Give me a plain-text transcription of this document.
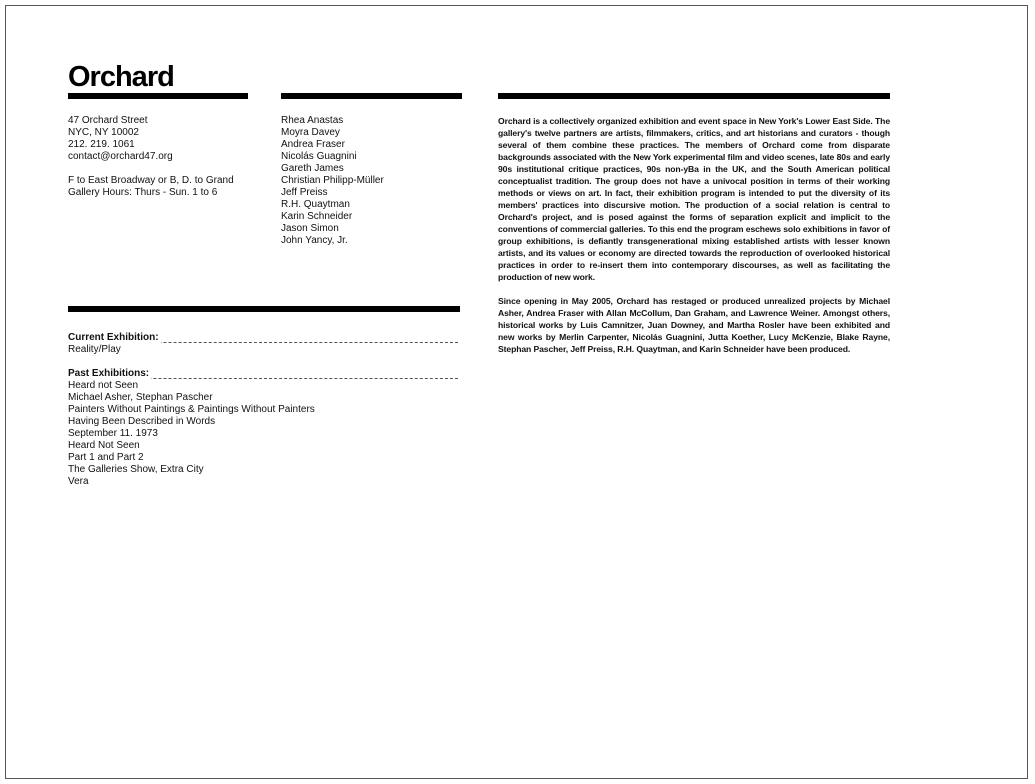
Orchard
47 Orchard Street
NYC, NY 10002
212. 219. 1061
contact@orchard47.org
F to East Broadway or B, D. to Grand
Gallery Hours: Thurs - Sun. 1 to 6
Rhea Anastas
Moyra Davey
Andrea Fraser
Nicolás Guagnini
Gareth James
Christian Philipp-Müller
Jeff Preiss
R.H. Quaytman
Karin Schneider
Jason Simon
John Yancy, Jr.

Orchard is a collectively organized exhibition and event space in New York's Lower East Side. The gallery's twelve partners are artists, filmmakers, critics, and art historians and curators - though several of them combine these practices. The members of Orchard come from disparate backgrounds associated with the New York experimental film and video scenes, late 80s and early 90s institutional critique practices, 90s non-yBa in the UK, and the South American political conceptualist tradition. The group does not have a univocal position in terms of their working methods or views on art. In fact, their exhibition program is intended to put the diversity of its members' practices into discursive motion. The production of a social relation is central to Orchard's project, and is posed against the forms of separation explicit and implicit to the conventions of commercial galleries. To this end the program eschews solo exhibitions in favor of group exhibitions, is defiantly transgenerational mixing established artists with lesser known artists, and its values or economy are directed towards the reproduction of overlooked historical practices in order to re-insert them into contemporary discourses, as well as facilitating the production of new work.

Since opening in May 2005, Orchard has restaged or produced unrealized projects by Michael Asher, Andrea Fraser with Allan McCollum, Dan Graham, and Lawrence Weiner. Amongst others, historical works by Luis Camnitzer, Juan Downey, and Martha Rosler have been exhibited and new works by Merlin Carpenter, Nicolás Guagnini, Jutta Koether, Lucy McKenzie, Blake Rayne, Stephan Pascher, Jeff Preiss, R.H. Quaytman, and Karin Schneider have been produced.

Current Exhibition:
Reality/Play
Past Exhibitions:
Heard not Seen
Michael Asher, Stephan Pascher
Painters Without Paintings & Paintings Without Painters
Having Been Described in Words
September 11. 1973
Heard Not Seen
Part 1 and Part 2
The Galleries Show, Extra City
Vera
